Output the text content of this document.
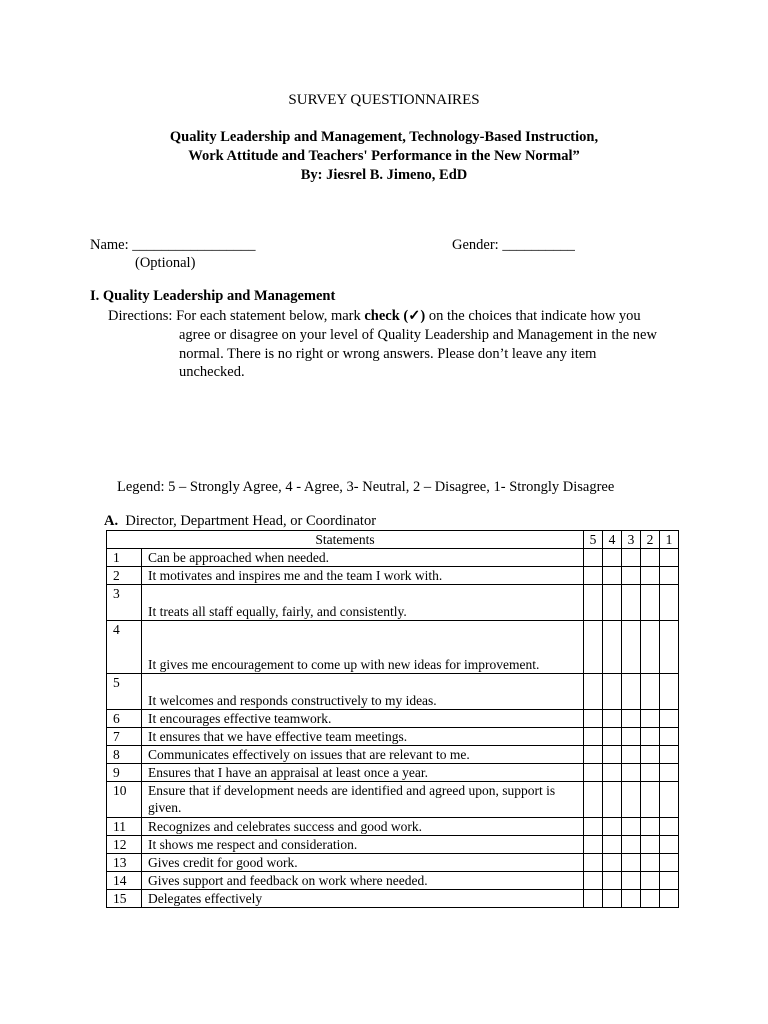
SURVEY QUESTIONNAIRES
Quality Leadership and Management, Technology-Based Instruction,
Work Attitude and Teachers' Performance in the New Normal”
By: Jiesrel B. Jimeno, EdD
Name: _________________
(Optional)
Gender: __________
I. Quality Leadership and Management
Directions: For each statement below, mark check (✓) on the choices that indicate how you
agree or disagree on your level of Quality Leadership and Management in the new
normal. There is no right or wrong answers. Please don’t leave any item
unchecked.
Legend: 5 – Strongly Agree, 4 - Agree, 3- Neutral, 2 – Disagree, 1- Strongly Disagree
A. Director, Department Head, or Coordinator
Statements		5	4	3	2	1
1	Can be approached when needed.					
2	It motivates and inspires me and the team I work with.					
3	It treats all staff equally, fairly, and consistently.					
4	It gives me encouragement to come up with new ideas for improvement.					
5	It welcomes and responds constructively to my ideas.					
6	It encourages effective teamwork.					
7	It ensures that we have effective team meetings.					
8	Communicates effectively on issues that are relevant to me.					
9	Ensures that I have an appraisal at least once a year.					
10	Ensure that if development needs are identified and agreed upon, support is given.					
11	Recognizes and celebrates success and good work.					
12	It shows me respect and consideration.					
13	Gives credit for good work.					
14	Gives support and feedback on work where needed.					
15	Delegates effectively					
